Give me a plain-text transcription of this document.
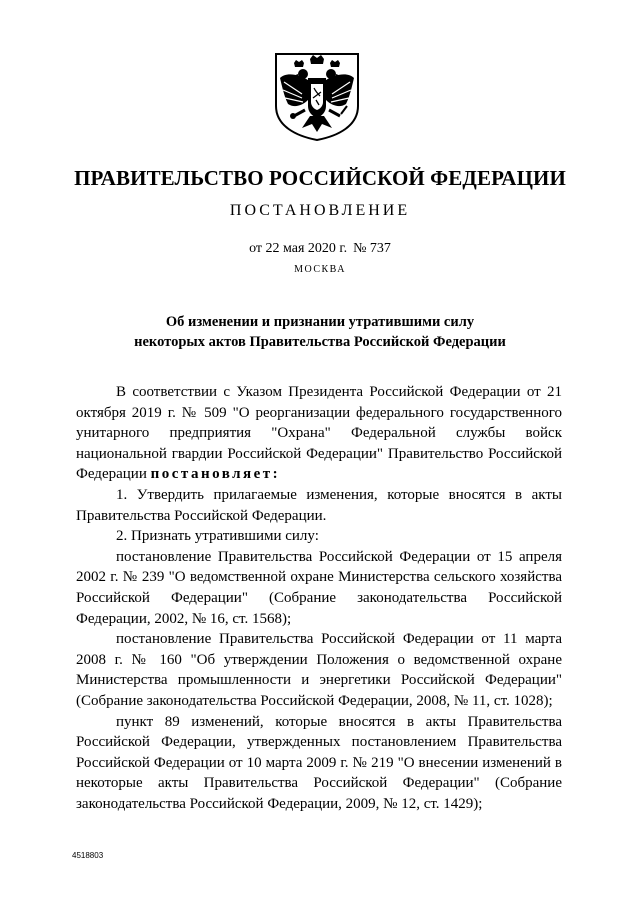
ПРАВИТЕЛЬСТВО РОССИЙСКОЙ ФЕДЕРАЦИИ
ПОСТАНОВЛЕНИЕ
от 22 мая 2020 г. № 737
МОСКВА
Об изменении и признании утратившими силу
некоторых актов Правительства Российской Федерации

В соответствии с Указом Президента Российской Федерации от 21 октября 2019 г. № 509 "О реорганизации федерального государственного унитарного предприятия "Охрана" Федеральной службы войск национальной гвардии Российской Федерации" Правительство Российской Федерации постановляет:

1. Утвердить прилагаемые изменения, которые вносятся в акты Правительства Российской Федерации.

2. Признать утратившими силу:

постановление Правительства Российской Федерации от 15 апреля 2002 г. № 239 "О ведомственной охране Министерства сельского хозяйства Российской Федерации" (Собрание законодательства Российской Федерации, 2002, № 16, ст. 1568);

постановление Правительства Российской Федерации от 11 марта 2008 г. № 160 "Об утверждении Положения о ведомственной охране Министерства промышленности и энергетики Российской Федерации" (Собрание законодательства Российской Федерации, 2008, № 11, ст. 1028);

пункт 89 изменений, которые вносятся в акты Правительства Российской Федерации, утвержденных постановлением Правительства Российской Федерации от 10 марта 2009 г. № 219 "О внесении изменений в некоторые акты Правительства Российской Федерации" (Собрание законодательства Российской Федерации, 2009, № 12, ст. 1429);

4518803
